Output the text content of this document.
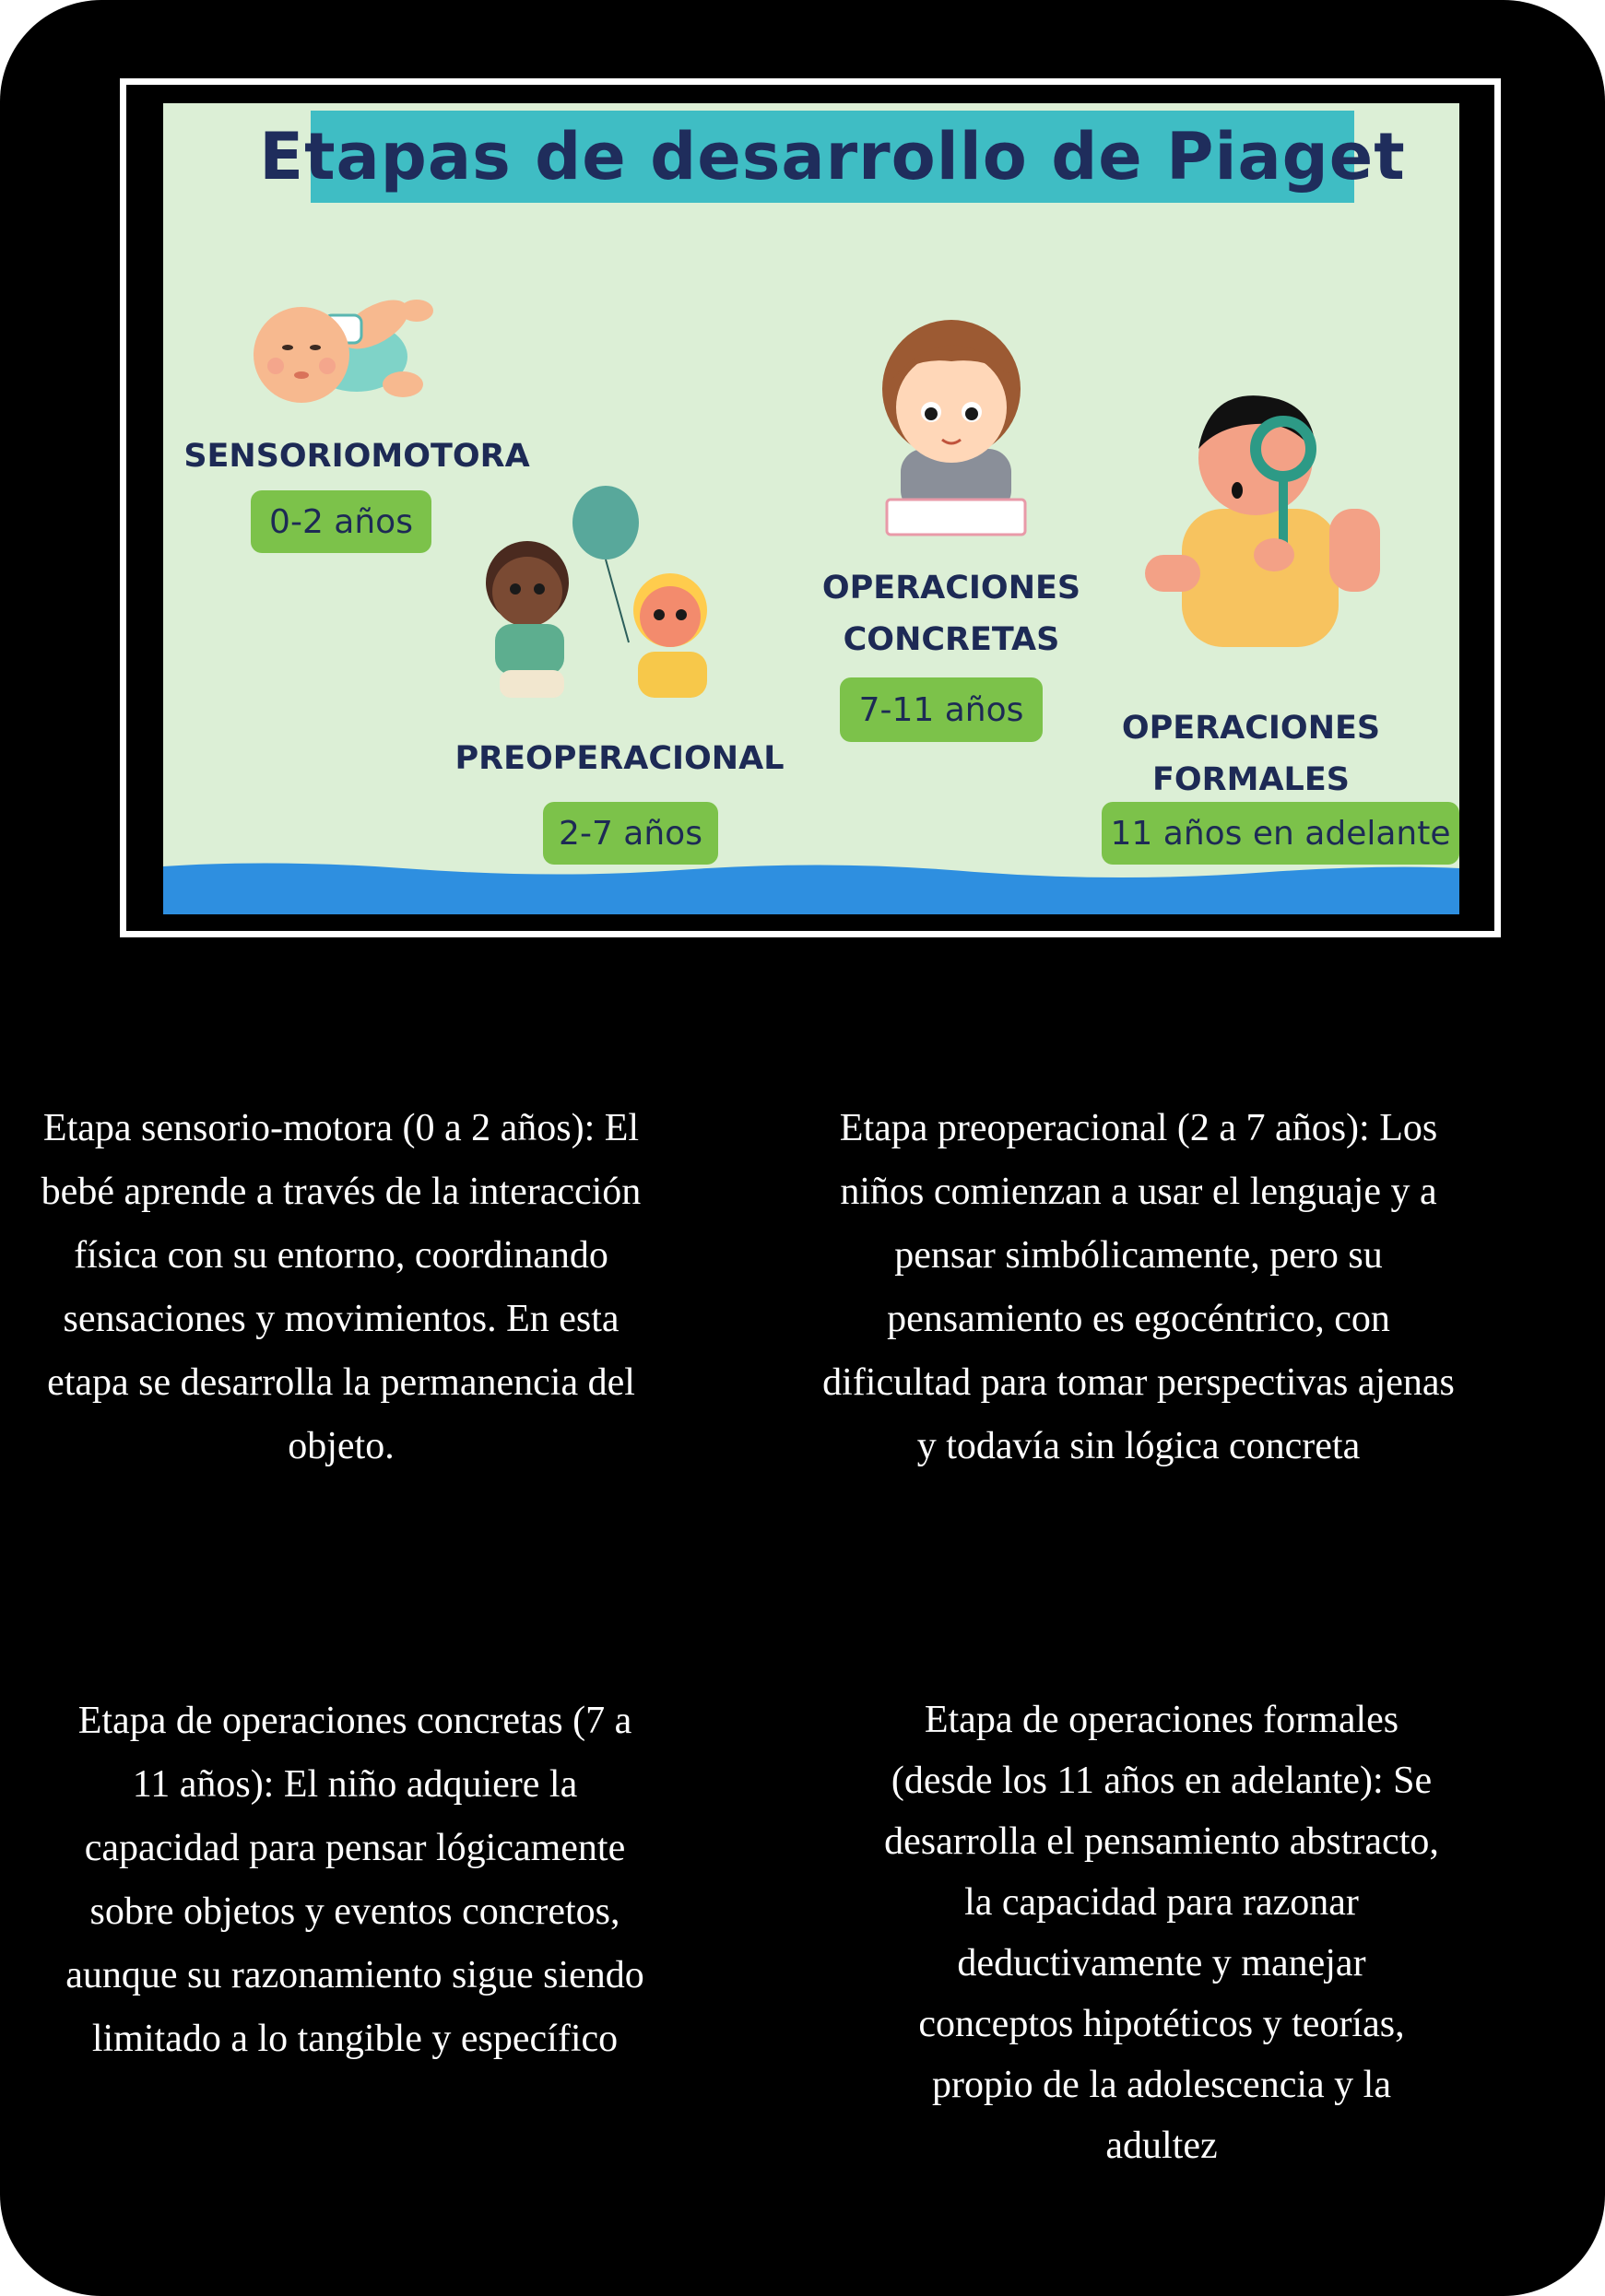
Etapas de desarrollo de Piaget
SENSORIOMOTORA
0-2 años
PREOPERACIONAL
2-7 años
OPERACIONES
CONCRETAS
7-11 años	OPERACIONES
FORMALES
11 años en adelante

Etapa sensorio-motora (0 a 2 años): El bebé aprende a través de la interacción física con su entorno, coordinando sensaciones y movimientos. En esta etapa se desarrolla la permanencia del objeto.

Etapa preoperacional (2 a 7 años): Los niños comienzan a usar el lenguaje y a pensar simbólicamente, pero su pensamiento es egocéntrico, con dificultad para tomar perspectivas ajenas y todavía sin lógica concreta

Etapa de operaciones concretas (7 a 11 años): El niño adquiere la capacidad para pensar lógicamente sobre objetos y eventos concretos, aunque su razonamiento sigue siendo limitado a lo tangible y específico

Etapa de operaciones formales (desde los 11 años en adelante): Se desarrolla el pensamiento abstracto, la capacidad para razonar deductivamente y manejar conceptos hipotéticos y teorías, propio de la adolescencia y la adultez
